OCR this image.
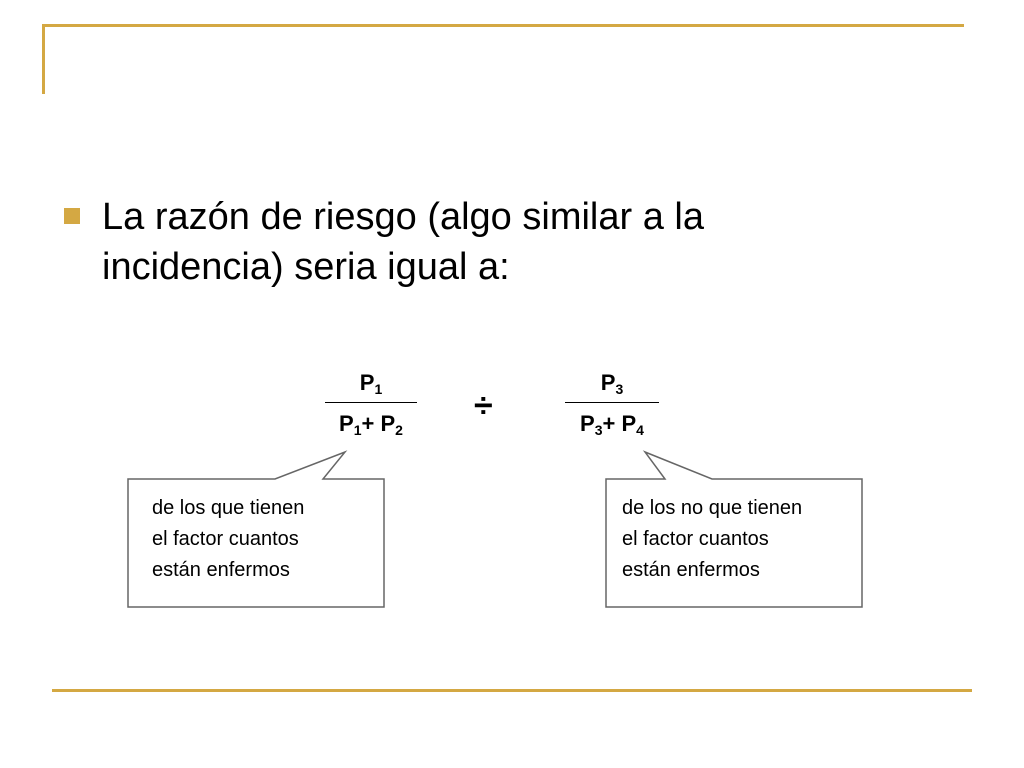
La razón de riesgo (algo similar a la
incidencia) seria igual a:
$P_1$
$P_1+ P_2$
÷
$P_3$
$P_3+ P_4$
de los que tienen
el factor cuantos
están enfermos
de los no que tienen
el factor cuantos
están enfermos
